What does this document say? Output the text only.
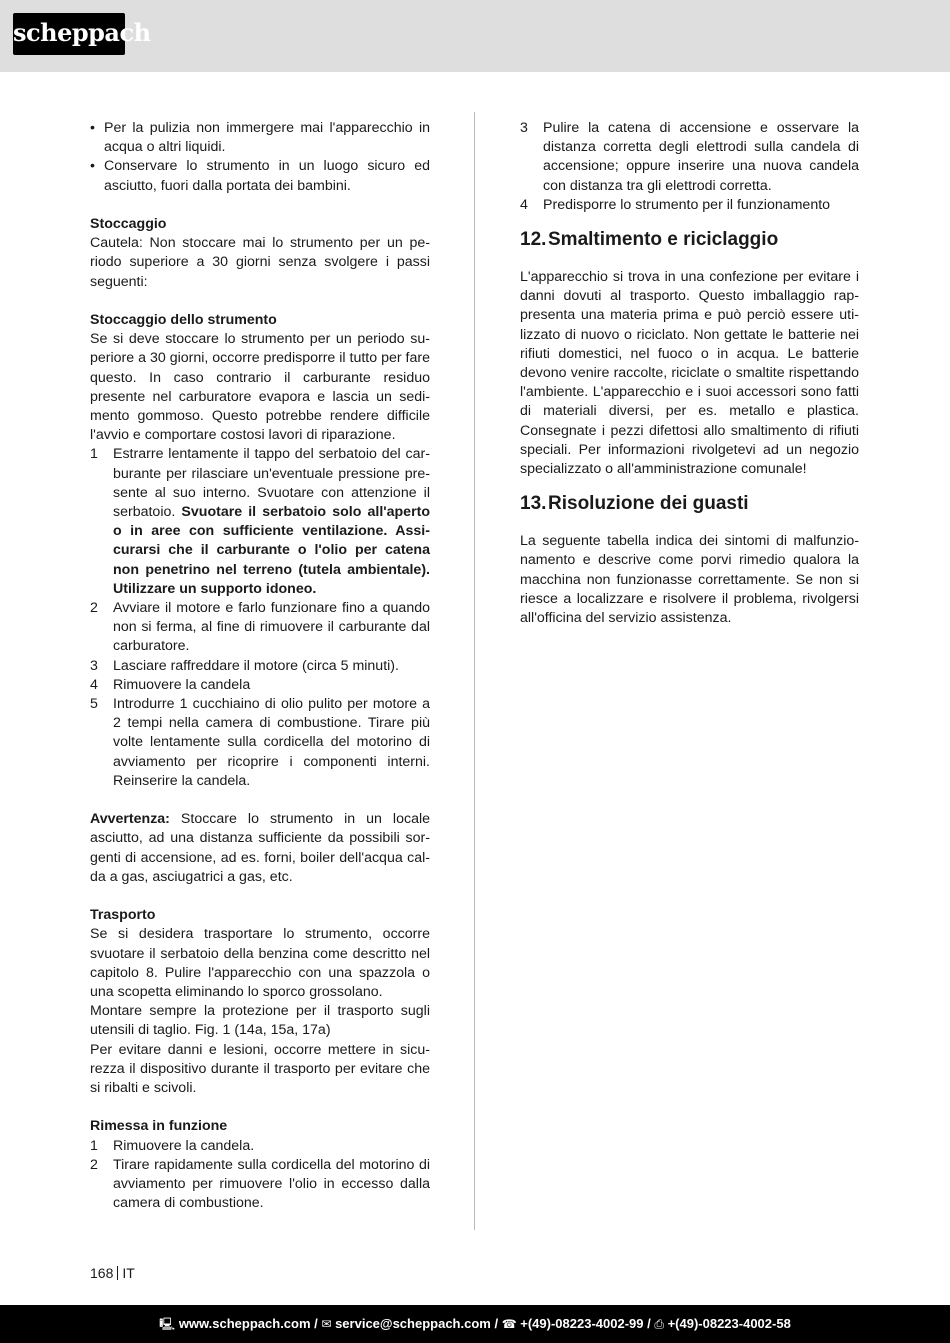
scheppach
• Per la pulizia non immergere mai l'apparecchio in acqua o altri liquidi.
• Conservare lo strumento in un luogo sicuro ed asciutto, fuori dalla portata dei bambini.

Stoccaggio

Cautela: Non stoccare mai lo strumento per un periodo superiore a 30 giorni senza svolgere i passi seguenti:

Stoccaggio dello strumento

Se si deve stoccare lo strumento per un periodo superiore a 30 giorni, occorre predisporre il tutto per fare questo. In caso contrario il carburante residuo presente nel carburatore evapora e lascia un sedimento gommoso. Questo potrebbe rendere difficile l'avvio e comportare costosi lavori di riparazione.

1 Estrarre lentamente il tappo del serbatoio del carburante per rilasciare un'eventuale pressione presente al suo interno. Svuotare con attenzione il serbatoio. Svuotare il serbatoio solo all'aperto o in aree con sufficiente ventilazione. Assicurarsi che il carburante o l'olio per catena non penetrino nel terreno (tutela ambientale). Utilizzare un supporto idoneo.
2 Avviare il motore e farlo funzionare fino a quando non si ferma, al fine di rimuovere il carburante dal carburatore.
3 Lasciare raffreddare il motore (circa 5 minuti).
4 Rimuovere la candela
5 Introdurre 1 cucchiaino di olio pulito per motore a 2 tempi nella camera di combustione. Tirare più volte lentamente sulla cordicella del motorino di avviamento per ricoprire i componenti interni. Reinserire la candela.

Avvertenza: Stoccare lo strumento in un locale asciutto, ad una distanza sufficiente da possibili sorgenti di accensione, ad es. forni, boiler dell'acqua calda a gas, asciugatrici a gas, etc.

Trasporto

Se si desidera trasportare lo strumento, occorre svuotare il serbatoio della benzina come descritto nel capitolo 8. Pulire l'apparecchio con una spazzola o una scopetta eliminando lo sporco grossolano.

Montare sempre la protezione per il trasporto sugli utensili di taglio. Fig. 1 (14a, 15a, 17a)

Per evitare danni e lesioni, occorre mettere in sicurezza il dispositivo durante il trasporto per evitare che si ribalti e scivoli.

Rimessa in funzione

1 Rimuovere la candela.
2 Tirare rapidamente sulla cordicella del motorino di avviamento per rimuovere l'olio in eccesso dalla camera di combustione.
3 Pulire la catena di accensione e osservare la distanza corretta degli elettrodi sulla candela di accensione; oppure inserire una nuova candela con distanza tra gli elettrodi corretta.
4 Predisporre lo strumento per il funzionamento
12. Smaltimento e riciclaggio

L'apparecchio si trova in una confezione per evitare i danni dovuti al trasporto. Questo imballaggio rappresenta una materia prima e può perciò essere utilizzato di nuovo o riciclato. Non gettate le batterie nei rifiuti domestici, nel fuoco o in acqua. Le batterie devono venire raccolte, riciclate o smaltite rispettando l'ambiente. L'apparecchio e i suoi accessori sono fatti di materiali diversi, per es. metallo e plastica. Consegnate i pezzi difettosi allo smaltimento di rifiuti speciali. Per informazioni rivolgetevi ad un negozio specializzato o all'amministrazione comunale!

13. Risoluzione dei guasti

La seguente tabella indica dei sintomi di malfunzionamento e descrive come porvi rimedio qualora la macchina non funzionasse correttamente. Se non si riesce a localizzare e risolvere il problema, rivolgersi all'officina del servizio assistenza.

168 IT
🖳 www.scheppach.com / ✉ service@scheppach.com / ☎ +(49)-08223-4002-99 / ⎙ +(49)-08223-4002-58
